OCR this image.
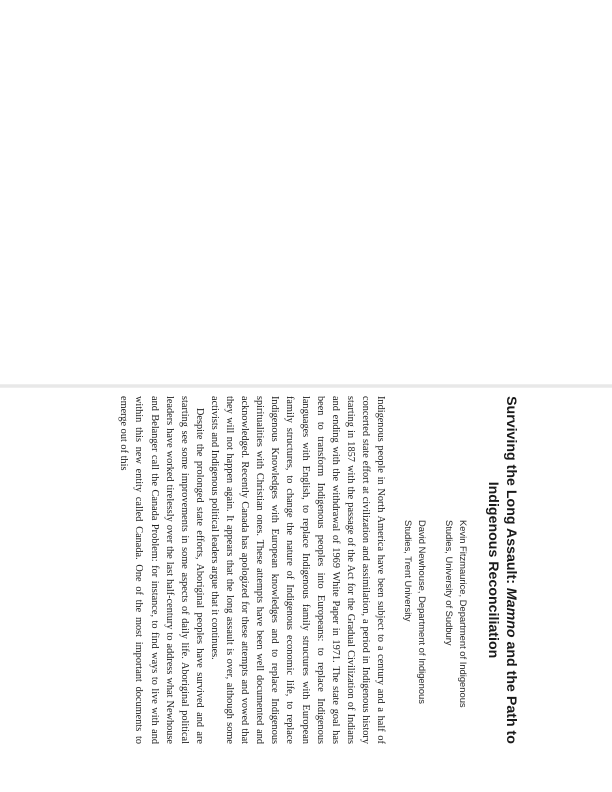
Surviving the Long Assault: Mamno and the Path to Indigenous Reconciliation
Kevin Fitzmaurice, Department of Indigenous
Studies, University of Sudbury
David Newhouse, Department of Indigenous
Studies, Trent University

Indigenous people in North America have been subject to a century and a half of concerted state effort at civilization and assimilation, a period in Indigenous history starting in 1857 with the passage of the Act for the Gradual Civilization of Indians and ending with the withdrawal of 1969 White Paper in 1971. The state goal has been to transform Indigenous peoples into Europeans: to replace Indigenous languages with English, to replace Indigenous family structures with European family structures, to change the nature of Indigenous economic life, to replace Indigenous Knowledges with European knowledges and to replace Indigenous spiritualities with Christian ones. These attempts have been well documented and acknowledged. Recently Canada has apologized for these attempts and vowed that they will not happen again. It appears that the long assault is over, although some activists and Indigenous political leaders argue that it continues.

Despite the prolonged state efforts, Aboriginal peoples have survived and are starting see some improvements in some aspects of daily life. Aboriginal political leaders have worked tirelessly over the last half-century to address what Newhouse and Belanger call the Canada Problem: for instance, to find ways to live with and within this new entity called Canada. One of the most important documents to emerge out of this
